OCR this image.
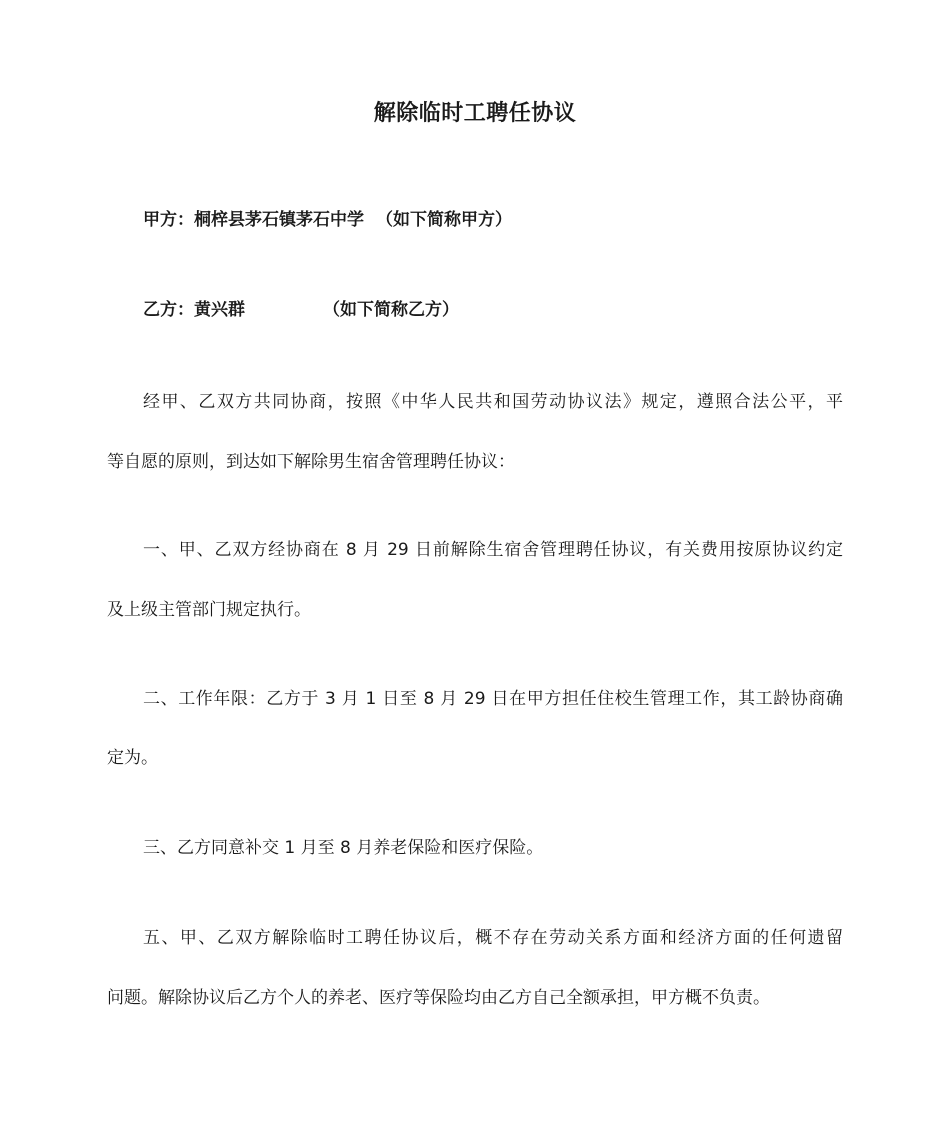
解除临时工聘任协议
甲方：桐梓县茅石镇茅石中学 （如下简称甲方）
乙方：黄兴群	（如下简称乙方）
经甲、乙双方共同协商，按照《中华人民共和国劳动协议法》规定，遵照合法公平，平
等自愿的原则，到达如下解除男生宿舍管理聘任协议：
一、甲、乙双方经协商在 8 月 29 日前解除生宿舍管理聘任协议，有关费用按原协议约定
及上级主管部门规定执行。
二、工作年限：乙方于 3 月 1 日至 8 月 29 日在甲方担任住校生管理工作，其工龄协商确
定为。
三、乙方同意补交 1 月至 8 月养老保险和医疗保险。
五、甲、乙双方解除临时工聘任协议后，概不存在劳动关系方面和经济方面的任何遗留
问题。解除协议后乙方个人的养老、医疗等保险均由乙方自己全额承担，甲方概不负责。
